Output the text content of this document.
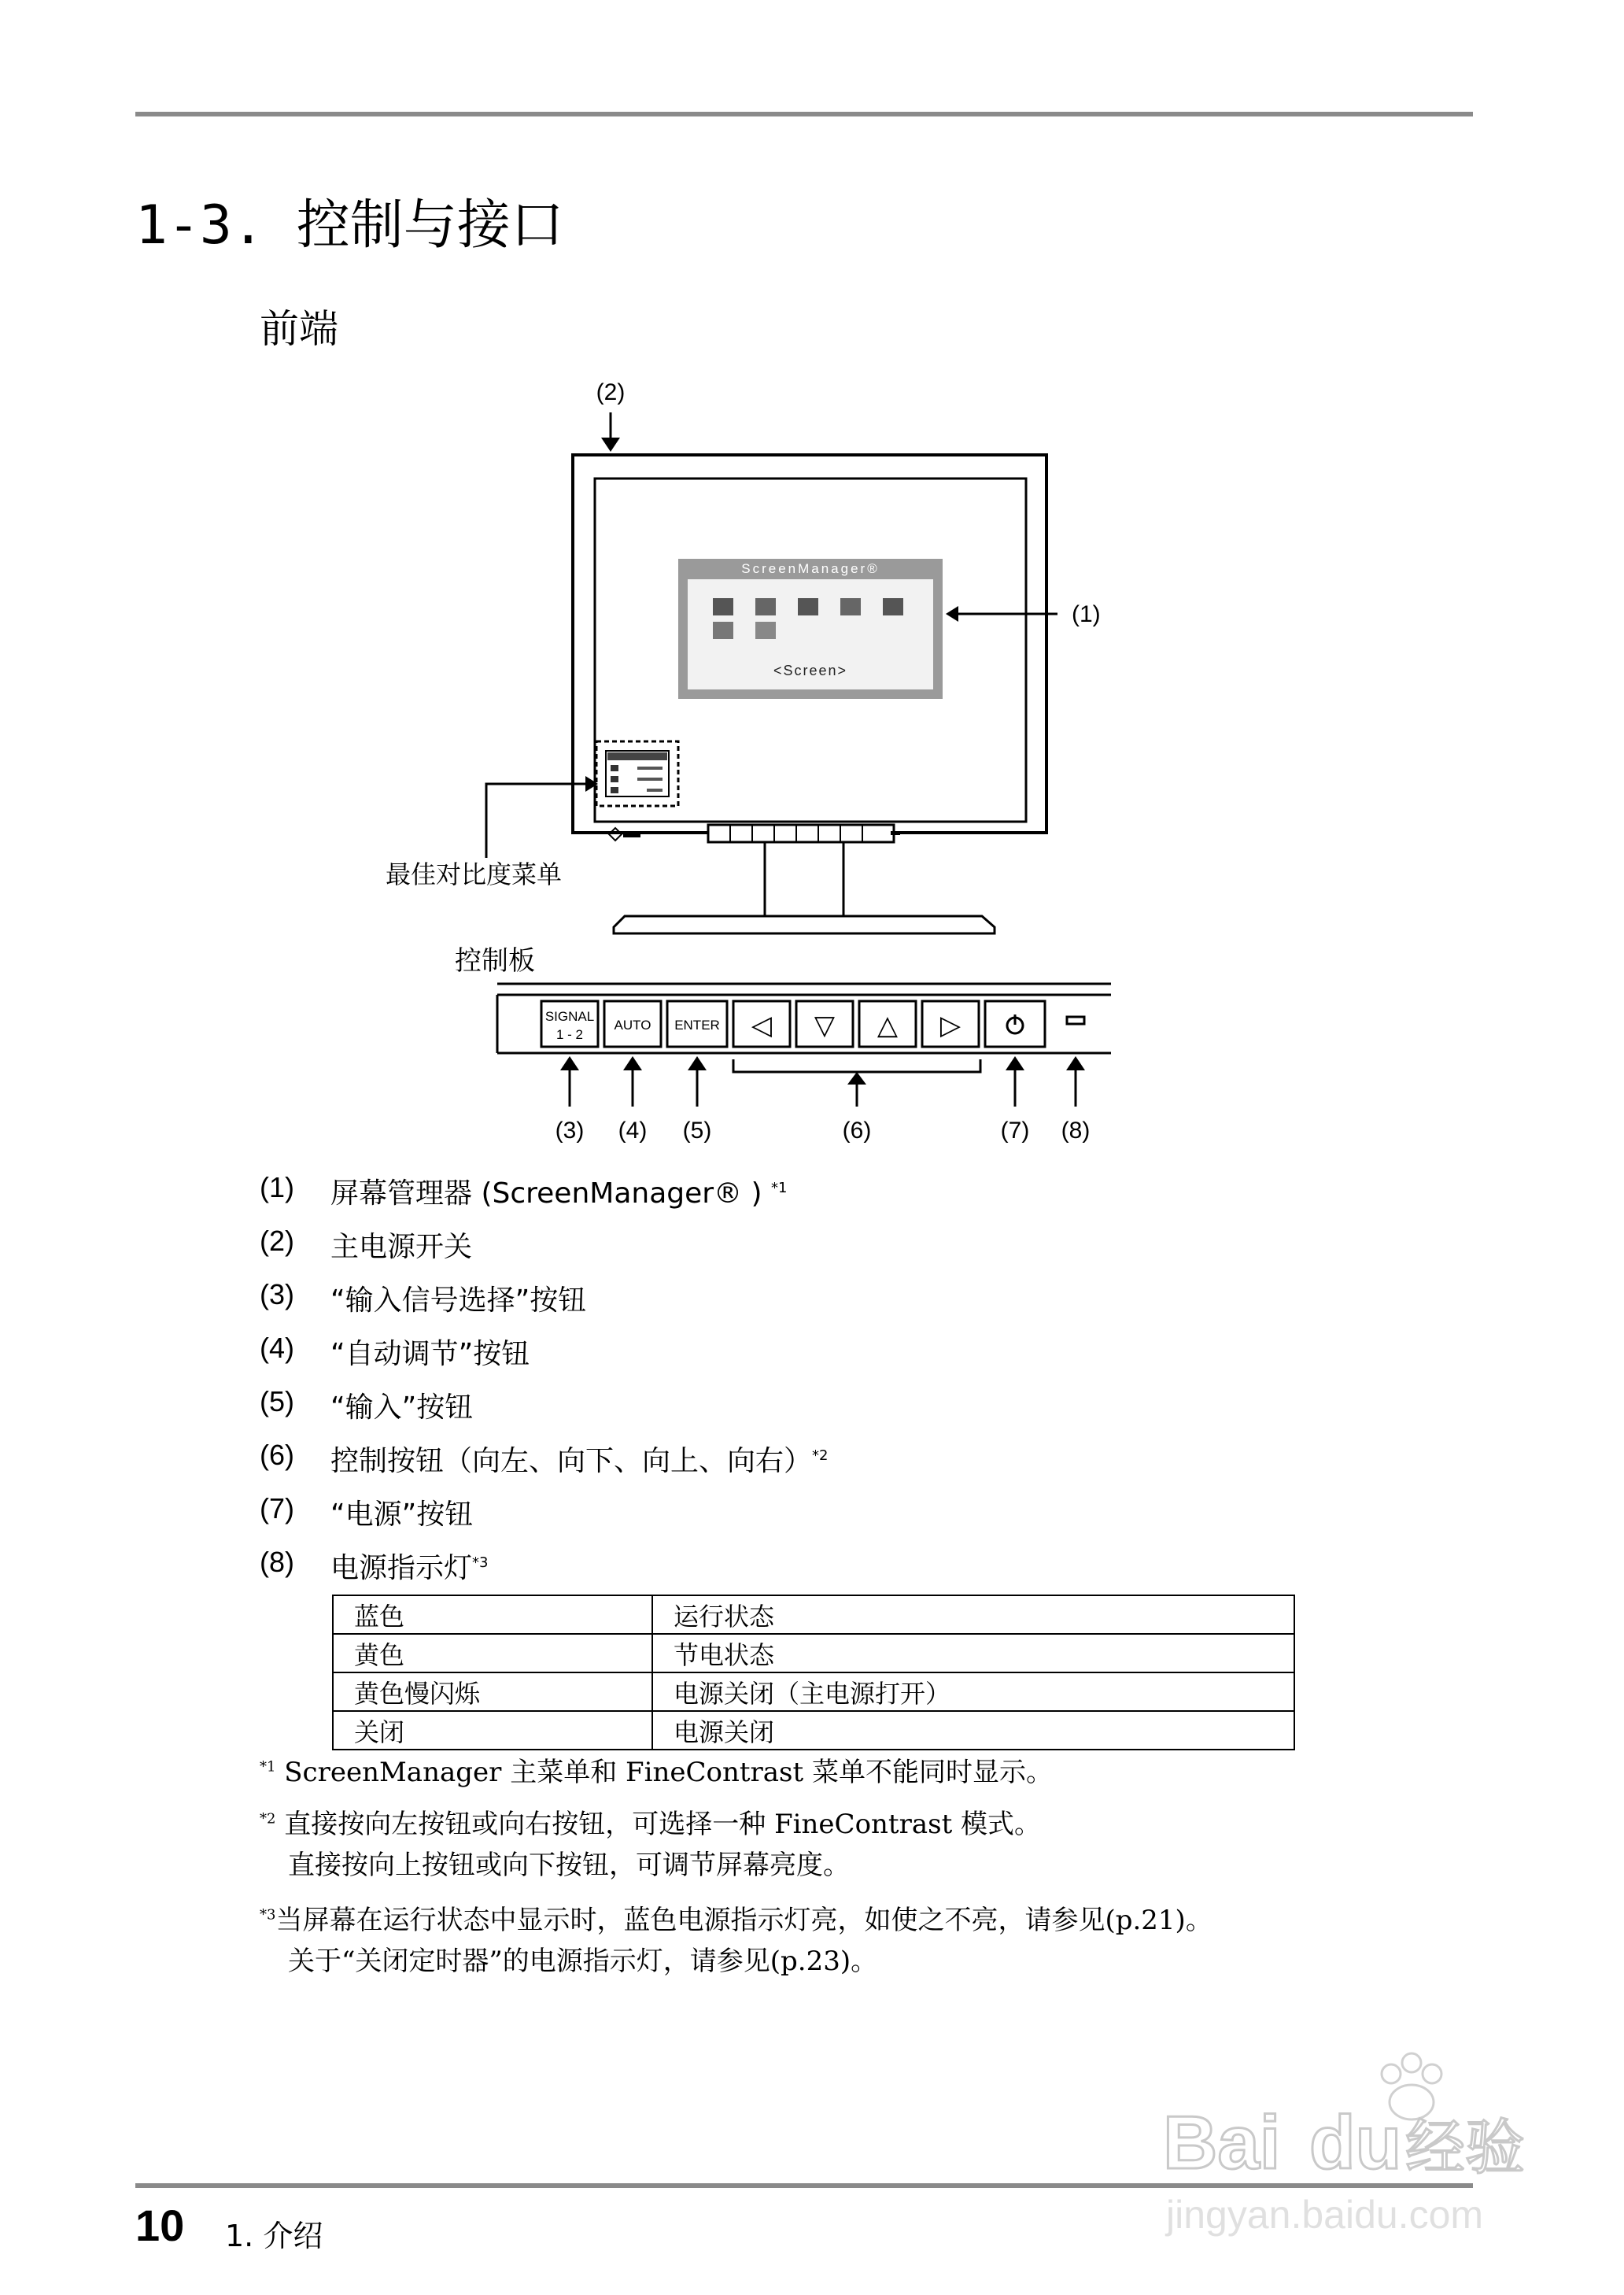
1-3. 控制与接口
前端
(2)
ScreenManager®
<Screen>
(1)
最佳对比度菜单
控制板
SIGNAL
1 - 2
AUTO ENTER ◁ ▽ △ ▷
(3) (4) (5)	(6)	(7) (8)
(1) 屏幕管理器 (ScreenManager® ) $^{*1}$
(2) 主电源开关
(3) “输入信号选择”按钮
(4) “自动调节”按钮
(5) “输入”按钮
(6) 控制按钮（向左、向下、向上、向右）$^{*2}$
(7) “电源”按钮
(8) 电源指示灯$^{*3}$
蓝色	运行状态
黄色	节电状态
黄色慢闪烁	电源关闭（主电源打开）
关闭	电源关闭
$^{*1}$ ScreenManager 主菜单和 FineContrast 菜单不能同时显示。
$^{*2}$ 直接按向左按钮或向右按钮，可选择一种 FineContrast 模式。
直接按向上按钮或向下按钮，可调节屏幕亮度。
$^{*3}$当屏幕在运行状态中显示时，蓝色电源指示灯亮，如使之不亮，请参见(p.21)。
关于“关闭定时器”的电源指示灯，请参见(p.23)。
10 1. 介绍
Bai du 经验
jingyan.baidu.com
